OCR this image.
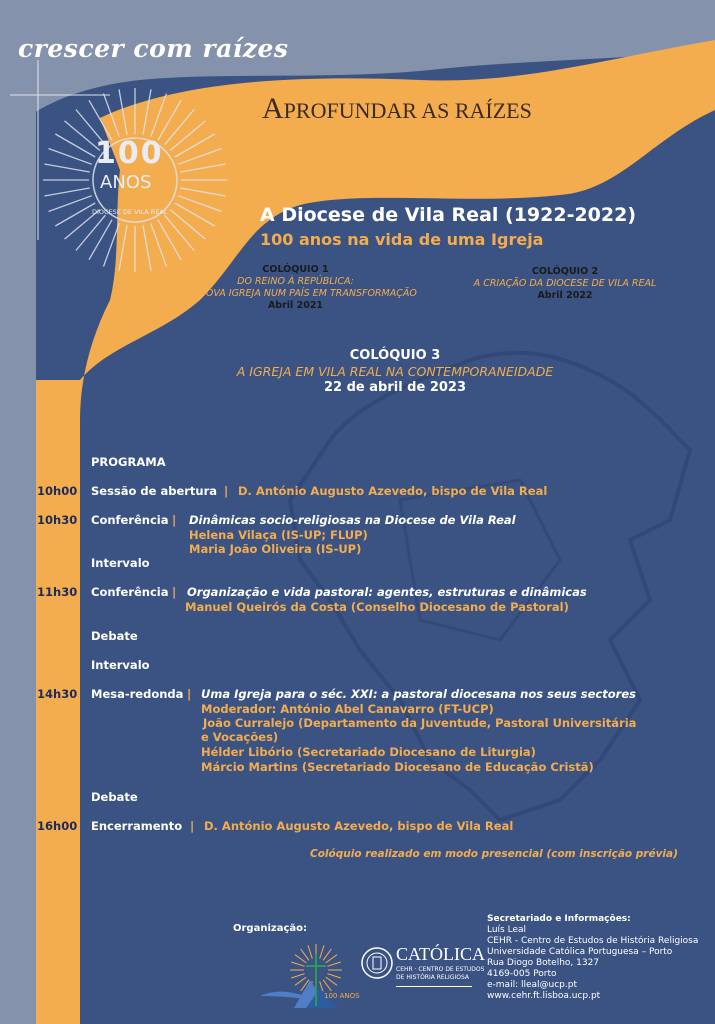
crescer com raízes
APROFUNDAR AS RAÍZES
100
ANOS
DIOCESE DE VILA REAL	A Diocese de Vila Real (1922-2022)
100 anos na vida de uma Igreja
COLÓQUIO 1
DO REINO À REPÚBLICA:
UMA NOVA IGREJA NUM PAÍS EM TRANSFORMAÇÃO
Abril 2021
COLÓQUIO 2
A CRIAÇÃO DA DIOCESE DE VILA REAL
Abril 2022
COLÓQUIO 3
A IGREJA EM VILA REAL NA CONTEMPORANEIDADE
22 de abril de 2023
PROGRAMA
10h00 Sessão de abertura | D. António Augusto Azevedo, bispo de Vila Real
10h30 Conferência | Dinâmicas socio-religiosas na Diocese de Vila Real
Helena Vilaça (IS-UP; FLUP)
Maria João Oliveira (IS-UP)
Intervalo
11h30 Conferência | Organização e vida pastoral: agentes, estruturas e dinâmicas
Manuel Queirós da Costa (Conselho Diocesano de Pastoral)
Debate
Intervalo
14h30 Mesa-redonda | Uma Igreja para o séc. XXI: a pastoral diocesana nos seus sectores
Moderador: António Abel Canavarro (FT-UCP)
João Curralejo (Departamento da Juventude, Pastoral Universitária
e Vocações)
Hélder Libório (Secretariado Diocesano de Liturgia)
Márcio Martins (Secretariado Diocesano de Educação Cristã)
Debate
16h00 Encerramento | D. António Augusto Azevedo, bispo de Vila Real
Colóquio realizado em modo presencial (com inscrição prévia)
Organização:
100 ANOS
CATÓLICA
CEHR · CENTRO DE ESTUDOS
DE HISTÓRIA RELIGIOSA
Secretariado e Informações:
Luís Leal
CEHR - Centro de Estudos de História Religiosa
Universidade Católica Portuguesa – Porto
Rua Diogo Botelho, 1327
4169-005 Porto
e-mail: lleal@ucp.pt
www.cehr.ft.lisboa.ucp.pt
